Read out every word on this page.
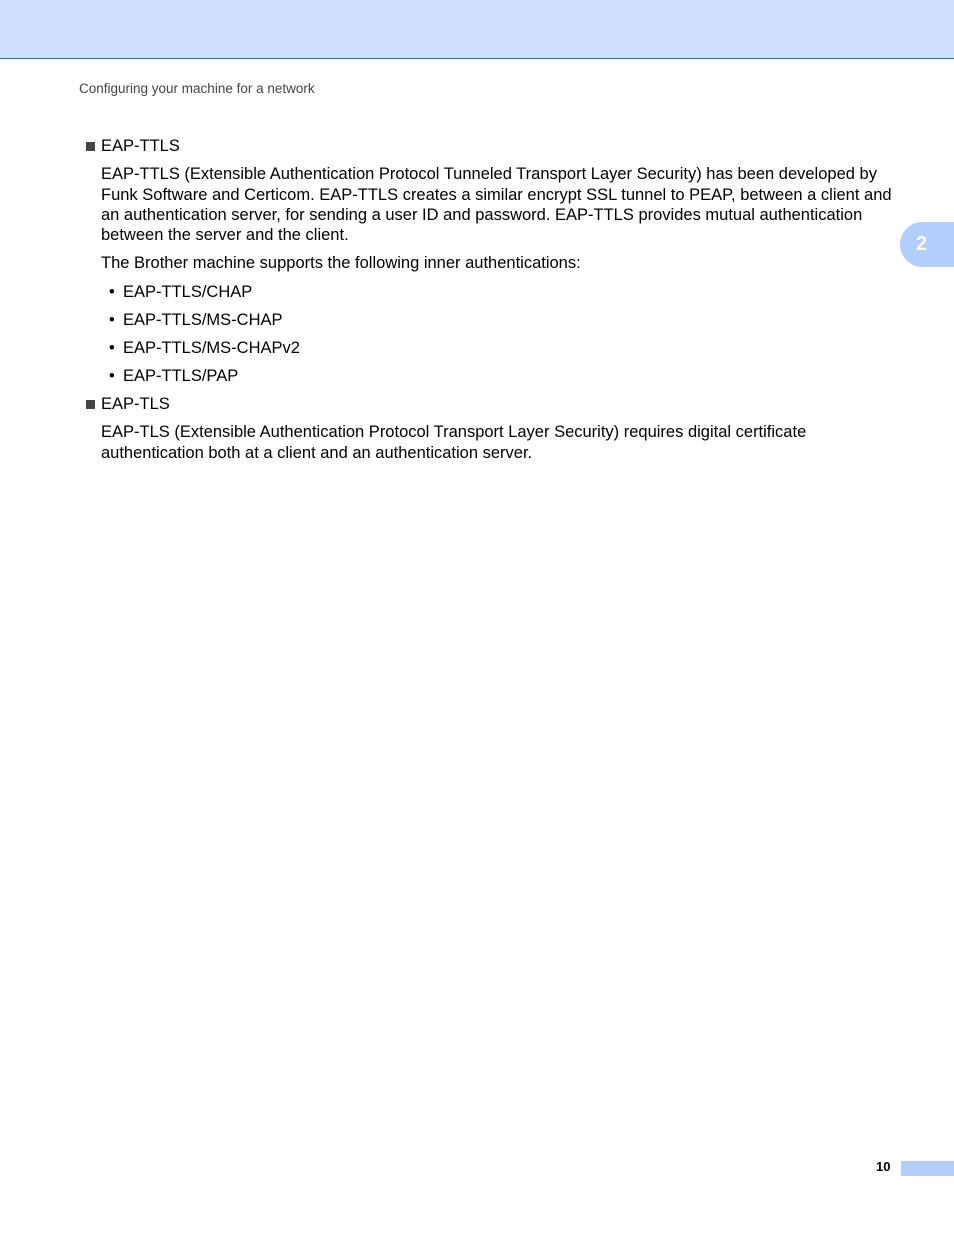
Configuring your machine for a network
2
EAP-TTLS

EAP-TTLS (Extensible Authentication Protocol Tunneled Transport Layer Security) has been developed by Funk Software and Certicom. EAP-TTLS creates a similar encrypt SSL tunnel to PEAP, between a client and an authentication server, for sending a user ID and password. EAP-TTLS provides mutual authentication between the server and the client.

The Brother machine supports the following inner authentications:

• EAP-TTLS/CHAP
• EAP-TTLS/MS-CHAP
• EAP-TTLS/MS-CHAPv2
• EAP-TTLS/PAP
EAP-TLS

EAP-TLS (Extensible Authentication Protocol Transport Layer Security) requires digital certificate authentication both at a client and an authentication server.

10
